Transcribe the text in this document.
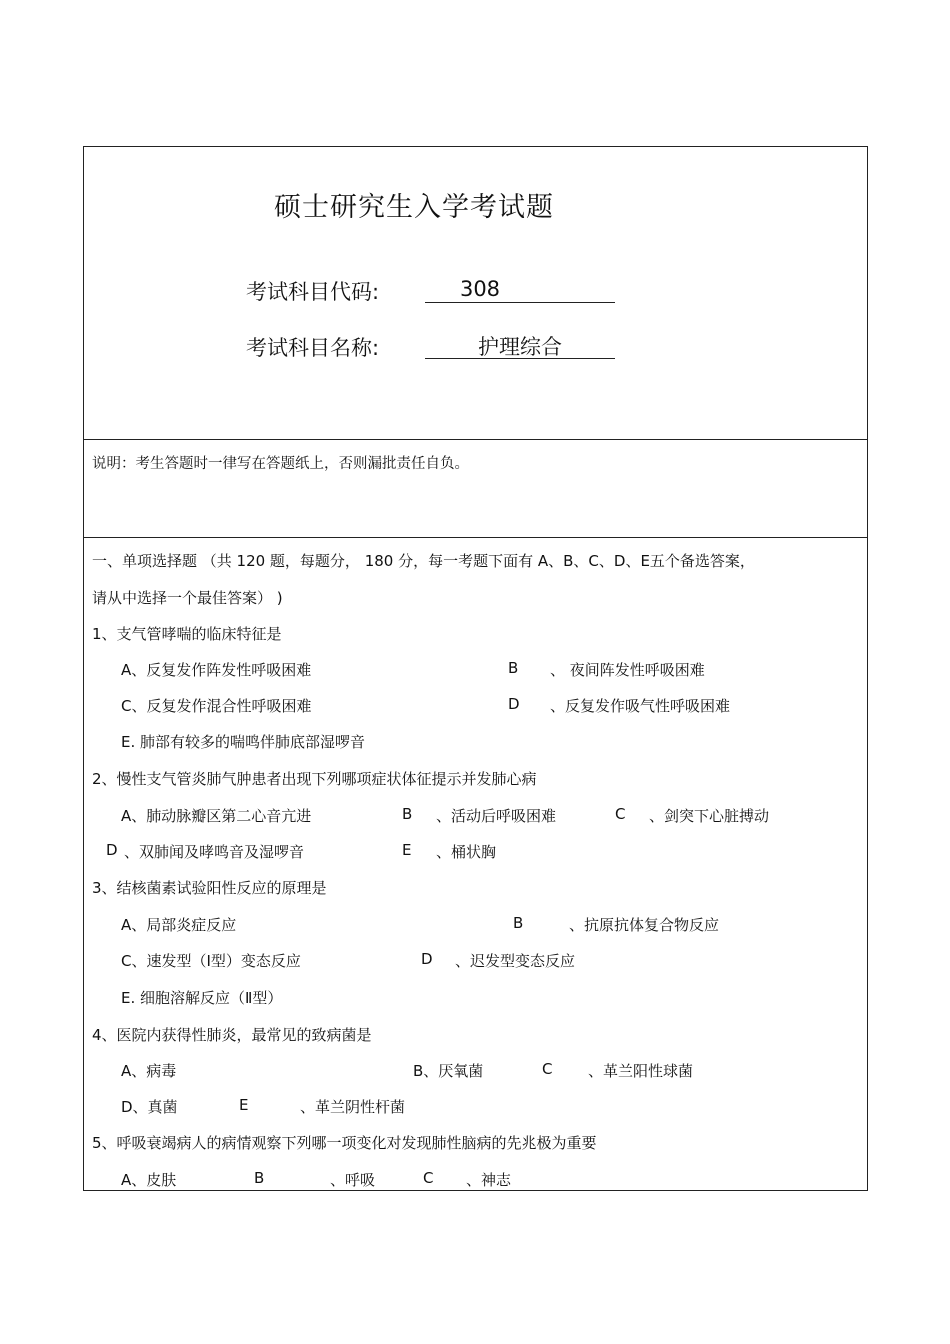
硕士研究生入学考试题
考试科目代码:	308
考试科目名称:	护理综合
说明：考生答题时一律写在答题纸上，否则漏批责任自负。
一、单项选择题 （共 120 题，每题分， 180 分，每一考题下面有 A、B、C、D、E五个备选答案，
请从中选择一个最佳答案） )
1、支气管哮喘的临床特征是
A、反复发作阵发性呼吸困难	B 、 夜间阵发性呼吸困难
C、反复发作混合性呼吸困难	D 、反复发作吸气性呼吸困难
E. 肺部有较多的喘鸣伴肺底部湿啰音
2、慢性支气管炎肺气肿患者出现下列哪项症状体征提示并发肺心病
A、肺动脉瓣区第二心音亢进	B 、活动后呼吸困难	C 、剑突下心脏搏动
D 、双肺闻及哮鸣音及湿啰音	E 、桶状胸
3、结核菌素试验阳性反应的原理是
A、局部炎症反应	B	、抗原抗体复合物反应
C、速发型（Ⅰ型）变态反应	D 、迟发型变态反应
E. 细胞溶解反应（Ⅱ型）
4、医院内获得性肺炎，最常见的致病菌是
A、病毒	B、厌氧菌	C 、革兰阳性球菌
D、真菌	E	、革兰阴性杆菌
5、呼吸衰竭病人的病情观察下列哪一项变化对发现肺性脑病的先兆极为重要
A、皮肤	B	、呼吸	C 、神志
